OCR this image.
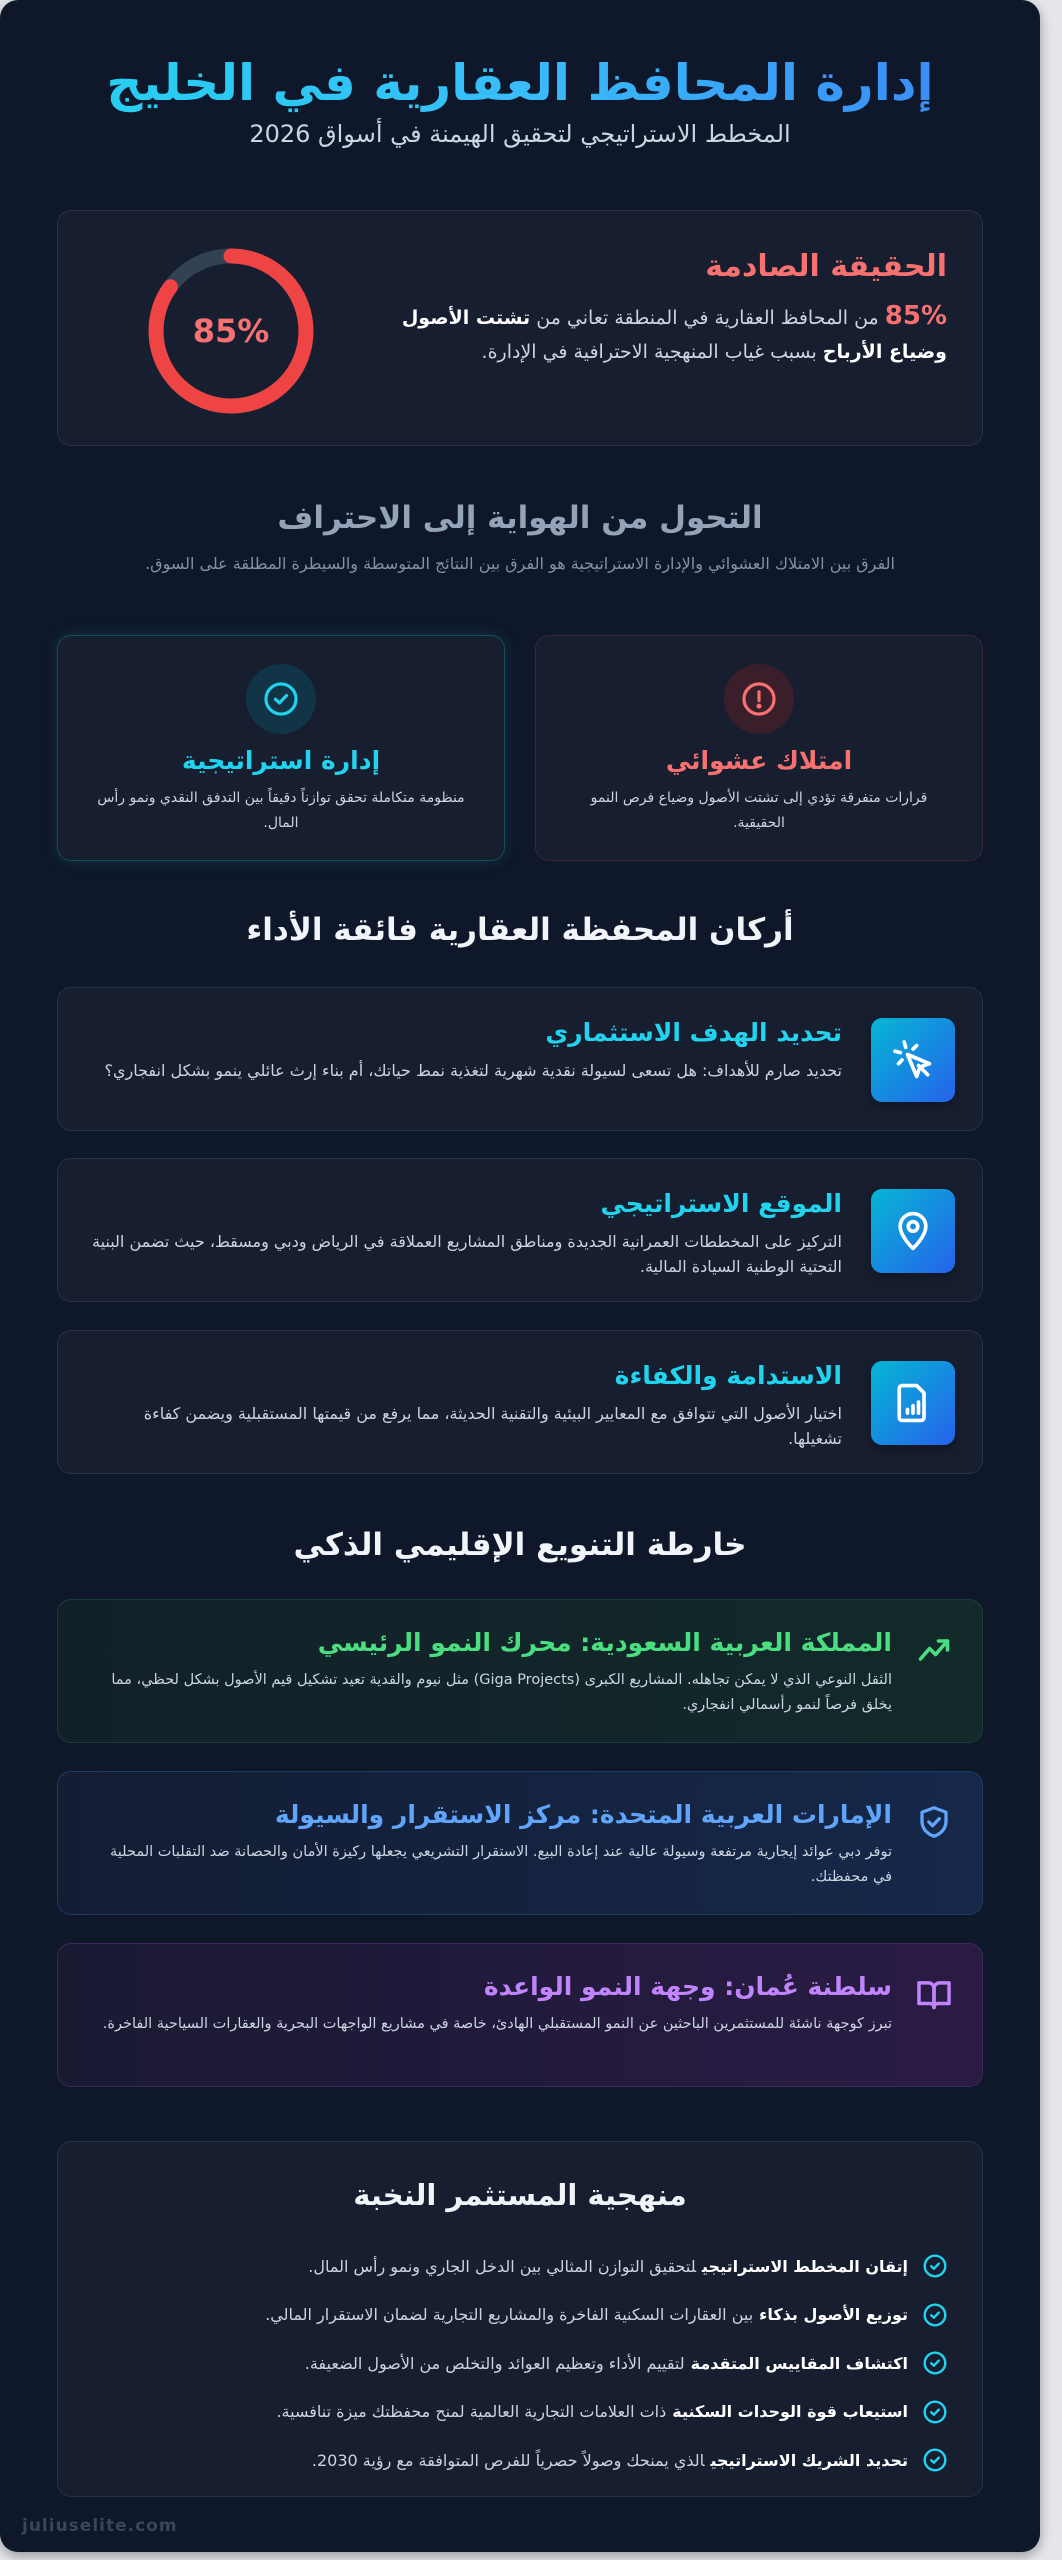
إدارة المحافظ العقارية في الخليج
المخطط الاستراتيجي لتحقيق الهيمنة في أسواق 2026
الحقيقة الصادمة
85% من المحافظ العقارية في المنطقة تعاني من تشتت الأصول وضياع الأرباح بسبب غياب المنهجية الاحترافية في الإدارة.
85%
التحول من الهواية إلى الاحتراف
الفرق بين الامتلاك العشوائي والإدارة الاستراتيجية هو الفرق بين النتائج المتوسطة والسيطرة المطلقة على السوق.
امتلاك عشوائي
قرارات متفرقة تؤدي إلى تشتت الأصول وضياع فرص النمو الحقيقية.
إدارة استراتيجية
منظومة متكاملة تحقق توازناً دقيقاً بين التدفق النقدي ونمو رأس المال.
أركان المحفظة العقارية فائقة الأداء
تحديد الهدف الاستثماري
تحديد صارم للأهداف: هل تسعى لسيولة نقدية شهرية لتغذية نمط حياتك، أم بناء إرث عائلي ينمو بشكل انفجاري؟
الموقع الاستراتيجي
التركيز على المخططات العمرانية الجديدة ومناطق المشاريع العملاقة في الرياض ودبي ومسقط، حيث تضمن البنية التحتية الوطنية السيادة المالية.
الاستدامة والكفاءة
اختيار الأصول التي تتوافق مع المعايير البيئية والتقنية الحديثة، مما يرفع من قيمتها المستقبلية ويضمن كفاءة تشغيلها.
خارطة التنويع الإقليمي الذكي
المملكة العربية السعودية: محرك النمو الرئيسي
الثقل النوعي الذي لا يمكن تجاهله. المشاريع الكبرى (Giga Projects) مثل نيوم والقدية تعيد تشكيل قيم الأصول بشكل لحظي، مما يخلق فرصاً لنمو رأسمالي انفجاري.
الإمارات العربية المتحدة: مركز الاستقرار والسيولة
توفر دبي عوائد إيجارية مرتفعة وسيولة عالية عند إعادة البيع. الاستقرار التشريعي يجعلها ركيزة الأمان والحصانة ضد التقلبات المحلية في محفظتك.
سلطنة عُمان: وجهة النمو الواعدة
تبرز كوجهة ناشئة للمستثمرين الباحثين عن النمو المستقبلي الهادئ، خاصة في مشاريع الواجهات البحرية والعقارات السياحية الفاخرة.
منهجية المستثمر النخبة
إتقان المخطط الاستراتيجيلتحقيق التوازن المثالي بين الدخل الجاري ونمو رأس المال.
توزيع الأصول بذكاءبين العقارات السكنية الفاخرة والمشاريع التجارية لضمان الاستقرار المالي.
اكتشاف المقاييس المتقدمةلتقييم الأداء وتعظيم العوائد والتخلص من الأصول الضعيفة.
استيعاب قوة الوحدات السكنيةذات العلامات التجارية العالمية لمنح محفظتك ميزة تنافسية.
تحديد الشريك الاستراتيجيالذي يمنحك وصولاً حصرياً للفرص المتوافقة مع رؤية 2030.
juliuselite.com
